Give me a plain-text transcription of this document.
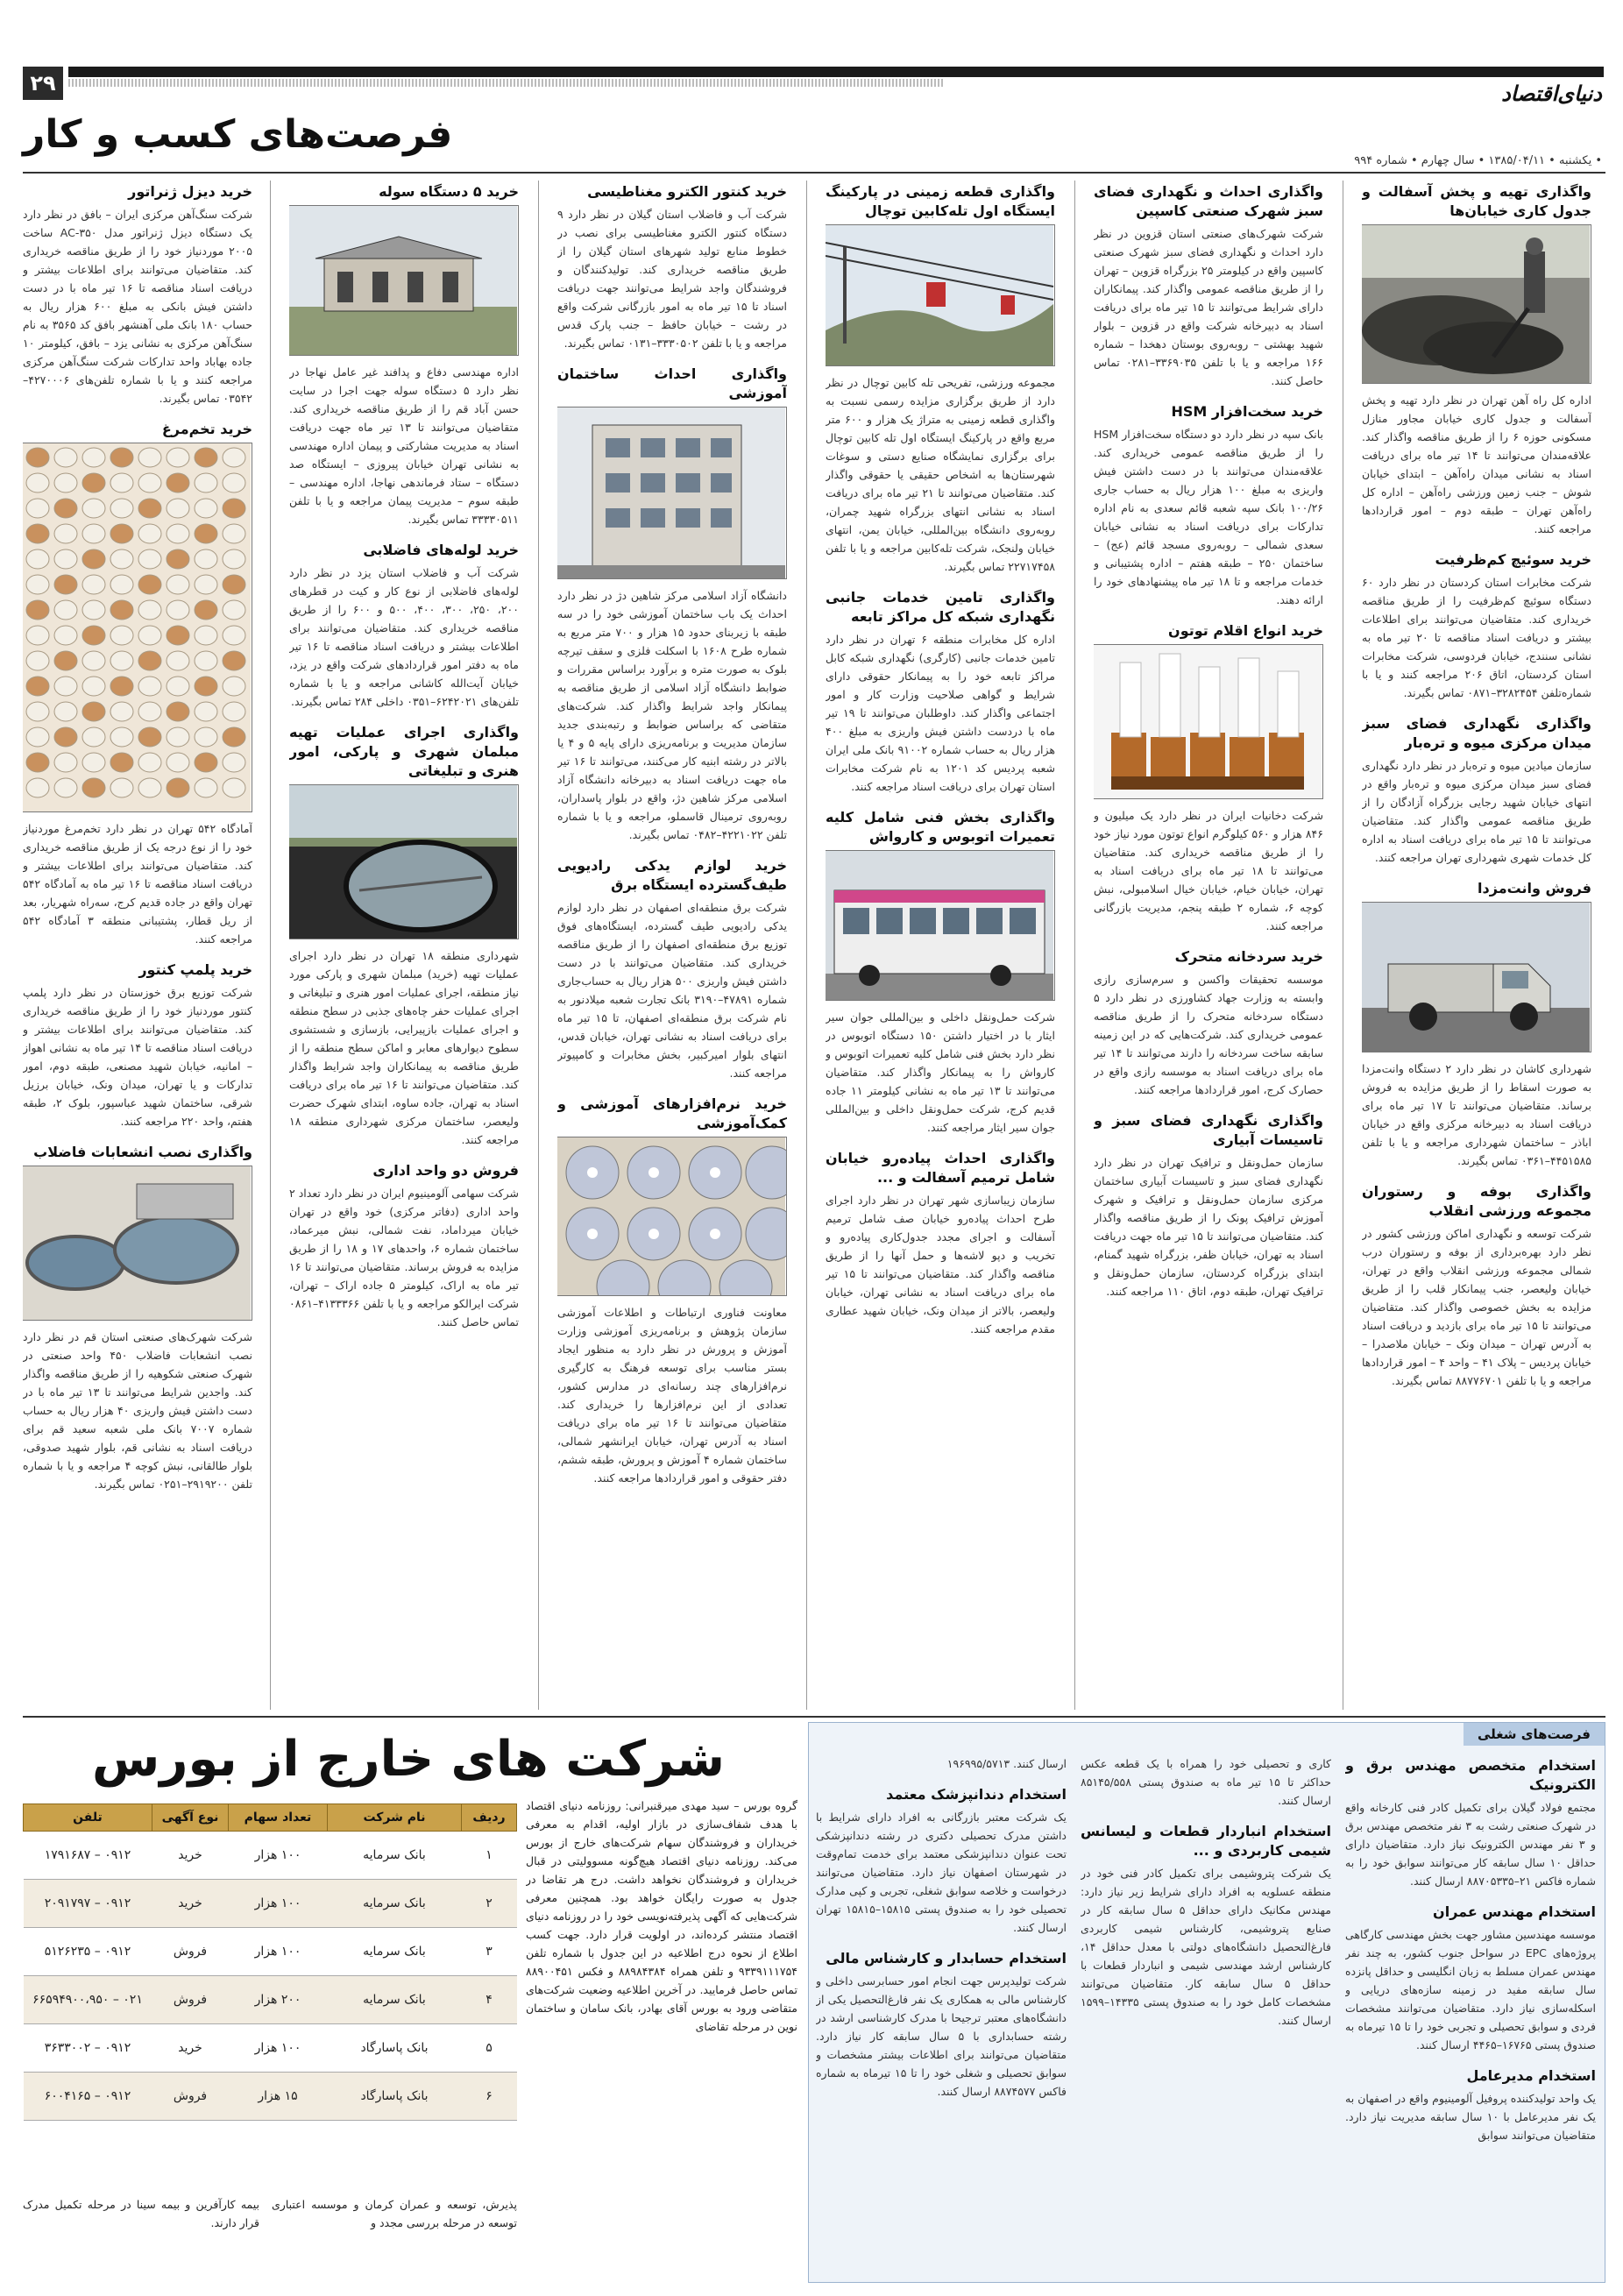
۲۹	دنیای‌اقتصاد
فرصت‌های کسب و کار
• یکشنبه • ۱۳۸۵/۰۴/۱۱ • سال چهارم • شماره ۹۹۴
واگذاری تهیه و پخش آسفالت و جدول کاری خیابان‌ها

اداره کل راه آهن تهران در نظر دارد تهیه و پخش آسفالت و جدول کاری خیابان مجاور منازل مسکونی حوزه ۶ را از طریق مناقصه واگذار کند. علاقه‌مندان می‌توانند تا ۱۴ تیر ماه برای دریافت اسناد به نشانی میدان راه‌آهن – ابتدای خیابان شوش – جنب زمین ورزشی راه‌آهن – اداره کل راه‌آهن تهران – طبقه دوم – امور قراردادها مراجعه کنند.

خرید سوئیچ کم‌ظرفیت

شرکت مخابرات استان کردستان در نظر دارد ۶۰ دستگاه سوئیچ کم‌ظرفیت را از طریق مناقصه خریداری کند. متقاضیان می‌توانند برای اطلاعات بیشتر و دریافت اسناد مناقصه تا ۲۰ تیر ماه به نشانی سنندج، خیابان فردوسی، شرکت مخابرات استان کردستان، اتاق ۲۰۶ مراجعه کنند و یا با شماره‌تلفن ۳۲۸۲۴۵۴–۰۸۷۱ تماس بگیرند.

واگذاری نگهداری فضای سبز میدان مرکزی میوه و تره‌بار

سازمان میادین میوه و تره‌بار در نظر دارد نگهداری فضای سبز میدان مرکزی میوه و تره‌بار واقع در انتهای خیابان شهید رجایی بزرگراه آزادگان را از طریق مناقصه عمومی واگذار کند. متقاضیان می‌توانند تا ۱۵ تیر ماه برای دریافت اسناد به اداره کل خدمات شهری شهرداری تهران مراجعه کنند.

فروش وانت‌مزدا

شهرداری کاشان در نظر دارد ۲ دستگاه وانت‌مزدا به صورت اسقاط را از طریق مزایده به فروش برساند. متقاضیان می‌توانند تا ۱۷ تیر ماه برای دریافت اسناد به دبیرخانه مرکزی واقع در خیابان اباذر – ساختمان شهرداری مراجعه و یا با تلفن ۴۴۵۱۵۸۵–۰۳۶۱ تماس بگیرند.

واگذاری بوفه و رستوران مجموعه ورزشی انقلاب

شرکت توسعه و نگهداری اماکن ورزشی کشور در نظر دارد بهره‌برداری از بوفه و رستوران درب شمالی مجموعه ورزشی انقلاب واقع در تهران، خیابان ولیعصر، جنب پیمانکار قلب را از طریق مزایده به بخش خصوصی واگذار کند. متقاضیان می‌توانند تا ۱۵ تیر ماه برای بازدید و دریافت اسناد به آدرس تهران – میدان ونک – خیابان ملاصدرا – خیابان پردیس – پلاک ۴۱ – واحد ۴ – امور قراردادها مراجعه و یا با تلفن ۸۸۷۷۶۷۰۱ تماس بگیرند.

واگذاری احداث و نگهداری فضای سبز شهرک صنعتی کاسپین

شرکت شهرک‌های صنعتی استان قزوین در نظر دارد احداث و نگهداری فضای سبز شهرک صنعتی کاسپین واقع در کیلومتر ۲۵ بزرگراه قزوین – تهران را از طریق مناقصه عمومی واگذار کند. پیمانکاران دارای شرایط می‌توانند تا ۱۵ تیر ماه برای دریافت اسناد به دبیرخانه شرکت واقع در قزوین – بلوار شهید بهشتی – روبه‌روی بوستان دهخدا – شماره ۱۶۶ مراجعه و یا با تلفن ۳۳۶۹۰۳۵–۰۲۸۱ تماس حاصل کنند.

خرید سخت‌افزار HSM

بانک سپه در نظر دارد دو دستگاه سخت‌افزار HSM را از طریق مناقصه عمومی خریداری کند. علاقه‌مندان می‌توانند با در دست داشتن فیش واریزی به مبلغ ۱۰۰ هزار ریال به حساب جاری ۱۰۰/۲۶ بانک سپه شعبه قائم سعدی به نام اداره تدارکات برای دریافت اسناد به نشانی خیابان سعدی شمالی – روبه‌روی مسجد قائم (عج) – ساختمان ۲۵۰ – طبقه هفتم – اداره پشتیبانی و خدمات مراجعه و تا ۱۸ تیر ماه پیشنهادهای خود را ارائه دهند.

خرید انواع اقلام توتون

شرکت دخانیات ایران در نظر دارد یک میلیون و ۸۴۶ هزار و ۵۶۰ کیلوگرم انواع توتون مورد نیاز خود را از طریق مناقصه خریداری کند. متقاضیان می‌توانند تا ۱۸ تیر ماه برای دریافت اسناد به تهران، خیابان خیام، خیابان خیال اسلامبولی، نبش کوچه ۶، شماره ۲ طبقه پنجم، مدیریت بازرگانی مراجعه کنند.

خرید سردخانه متحرک

موسسه تحقیقات واکسن و سرم‌سازی رازی وابسته به وزارت جهاد کشاورزی در نظر دارد ۵ دستگاه سردخانه متحرک را از طریق مناقصه عمومی خریداری کند. شرکت‌هایی که در این زمینه سابقه ساخت سردخانه را دارند می‌توانند تا ۱۴ تیر ماه برای دریافت اسناد به موسسه رازی واقع در حصارک کرج، امور قراردادها مراجعه کنند.

واگذاری نگهداری فضای سبز و تاسیسات آبیاری

سازمان حمل‌ونقل و ترافیک تهران در نظر دارد نگهداری فضای سبز و تاسیسات آبیاری ساختمان مرکزی سازمان حمل‌ونقل و ترافیک و شهرک آموزش ترافیک پونک را از طریق مناقصه واگذار کند. متقاضیان می‌توانند تا ۱۵ تیر ماه جهت دریافت اسناد به تهران، خیابان ظفر، بزرگراه شهید گمنام، ابتدای بزرگراه کردستان، سازمان حمل‌ونقل و ترافیک تهران، طبقه دوم، اتاق ۱۱۰ مراجعه کنند.

واگذاری قطعه زمینی در پارکینگ ایستگاه اول تله‌کابین توچال

مجموعه ورزشی، تفریحی تله کابین توچال در نظر دارد از طریق برگزاری مزایده رسمی نسبت به واگذاری قطعه زمینی به متراژ یک هزار و ۶۰۰ متر مربع واقع در پارکینگ ایستگاه اول تله کابین توچال برای برگزاری نمایشگاه صنایع دستی و سوغات شهرستان‌ها به اشخاص حقیقی یا حقوقی واگذار کند. متقاضیان می‌توانند تا ۲۱ تیر ماه برای دریافت اسناد به نشانی انتهای بزرگراه شهید چمران، روبه‌روی دانشگاه بین‌المللی، خیابان یمن، انتهای خیابان ولنجک، شرکت تله‌کابین مراجعه و یا با تلفن ۲۲۷۱۷۴۵۸ تماس بگیرند.

واگذاری تامین خدمات جانبی نگهداری شبکه کل مراکز تابعه

اداره کل مخابرات منطقه ۶ تهران در نظر دارد تامین خدمات جانبی (کارگری) نگهداری شبکه کابل مراکز تابعه خود را به پیمانکار حقوقی دارای شرایط و گواهی صلاحیت وزارت کار و امور اجتماعی واگذار کند. داوطلبان می‌توانند تا ۱۹ تیر ماه با دردست داشتن فیش واریزی به مبلغ ۴۰۰ هزار ریال به حساب شماره ۹۱۰۰۲ بانک ملی ایران شعبه پردیس کد ۱۲۰۱ به نام شرکت مخابرات استان تهران برای دریافت اسناد مراجعه کنند.

واگذاری بخش فنی شامل کلیه تعمیرات اتوبوس و کارواش

شرکت حمل‌ونقل داخلی و بین‌المللی جوان سیر ایثار با در اختیار داشتن ۱۵۰ دستگاه اتوبوس در نظر دارد بخش فنی شامل کلیه تعمیرات اتوبوس و کارواش را به پیمانکار واگذار کند. متقاضیان می‌توانند تا ۱۳ تیر ماه به نشانی کیلومتر ۱۱ جاده قدیم کرج، شرکت حمل‌ونقل داخلی و بین‌المللی جوان سیر ایثار مراجعه کنند.

واگذاری احداث پیاده‌رو خیابان شامل ترمیم آسفالت و ...

سازمان زیباسازی شهر تهران در نظر دارد اجرای طرح احداث پیاده‌رو خیابان صف شامل ترمیم آسفالت و اجرای مجدد جدول‌کاری پیاده‌رو و تخریب و دپو لاشه‌ها و حمل آنها را از طریق مناقصه واگذار کند. متقاضیان می‌توانند تا ۱۵ تیر ماه برای دریافت اسناد به نشانی تهران، خیابان ولیعصر، بالاتر از میدان ونک، خیابان شهید عطاری مقدم مراجعه کنند.

خرید کنتور الکترو مغناطیسی

شرکت آب و فاضلاب استان گیلان در نظر دارد ۹ دستگاه کنتور الکترو مغناطیسی برای نصب در خطوط منابع تولید شهرهای استان گیلان را از طریق مناقصه خریداری کند. تولیدکنندگان و فروشندگان واجد شرایط می‌توانند جهت دریافت اسناد تا ۱۵ تیر ماه به امور بازرگانی شرکت واقع در رشت – خیابان حافظ – جنب پارک قدس مراجعه و یا با تلفن ۳۳۳۰۵۰۲–۰۱۳۱ تماس بگیرند.

واگذاری احداث ساختمان آموزشی

دانشگاه آزاد اسلامی مرکز شاهین دژ در نظر دارد احداث یک باب ساختمان آموزشی خود را در سه طبقه با زیربنای حدود ۱۵ هزار و ۷۰۰ متر مربع به شماره طرح ۱۶۰۸ با اسکلت فلزی و سقف تیرچه بلوک به صورت متره و برآورد براساس مقررات و ضوابط دانشگاه آزاد اسلامی از طریق مناقصه به پیمانکار واجد شرایط واگذار کند. شرکت‌های متقاضی که براساس ضوابط و رتبه‌بندی جدید سازمان مدیریت و برنامه‌ریزی دارای پایه ۵ و ۴ یا بالاتر در رشته ابنیه کار می‌کنند، می‌توانند تا ۱۶ تیر ماه جهت دریافت اسناد به دبیرخانه دانشگاه آزاد اسلامی مرکز شاهین دژ، واقع در بلوار پاسداران، روبه‌روی ترمینال قاسملو، مراجعه و یا با شماره تلفن ۴۲۲۱۰۲۲–۰۴۸۲ تماس بگیرند.

خرید لوازم یدکی رادیویی طیف‌گسترده ایستگاه برق

شرکت برق منطقه‌ای اصفهان در نظر دارد لوازم یدکی رادیویی طیف گسترده، ایستگاه‌های فوق توزیع برق منطقه‌ای اصفهان را از طریق مناقصه خریداری کند. متقاضیان می‌توانند با در دست داشتن فیش واریزی ۵۰۰ هزار ریال به حساب‌جاری شماره ۴۷۸۹۱–۳۱۹۰ بانک تجارت شعبه میلادنور به نام شرکت برق منطقه‌ای اصفهان، تا ۱۵ تیر ماه برای دریافت اسناد به نشانی تهران، خیابان قدس، انتهای بلوار امیرکبیر، بخش مخابرات و کامپیوتر مراجعه کنند.

خرید نرم‌افزارهای آموزشی و کمک‌آموزشی

معاونت فناوری ارتباطات و اطلاعات آموزشی سازمان پژوهش و برنامه‌ریزی آموزشی وزارت آموزش و پرورش در نظر دارد به منظور ایجاد بستر مناسب برای توسعه فرهنگ به کارگیری نرم‌افزارهای چند رسانه‌ای در مدارس کشور، تعدادی از این نرم‌افزارها را خریداری کند. متقاضیان می‌توانند تا ۱۶ تیر ماه برای دریافت اسناد به آدرس تهران، خیابان ایرانشهر شمالی، ساختمان شماره ۴ آموزش و پرورش، طبقه ششم، دفتر حقوقی و امور قراردادها مراجعه کنند.

خرید ۵ دستگاه سوله

اداره مهندسی دفاع و پدافند غیر عامل نهاجا در نظر دارد ۵ دستگاه سوله جهت اجرا در سایت حسن آباد قم را از طریق مناقصه خریداری کند. متقاضیان می‌توانند تا ۱۳ تیر ماه جهت دریافت اسناد به مدیریت مشارکتی و پیمان اداره مهندسی به نشانی تهران خیابان پیروزی – ایستگاه صد دستگاه – ستاد فرماندهی نهاجا، اداره مهندسی – طبقه سوم – مدیریت پیمان مراجعه و یا با تلفن ۳۳۳۳۰۵۱۱ تماس بگیرند.

خرید لوله‌های فاضلابی

شرکت آب و فاضلاب استان یزد در نظر دارد لوله‌های فاضلابی از نوع کار و کیت در قطرهای ۲۰۰، ۲۵۰، ۳۰۰، ۴۰۰، ۵۰۰ و ۶۰۰ را از طریق مناقصه خریداری کند. متقاضیان می‌توانند برای اطلاعات بیشتر و دریافت اسناد مناقصه تا ۱۶ تیر ماه به دفتر امور قراردادهای شرکت واقع در یزد، خیابان آیت‌الله کاشانی مراجعه و یا با شماره تلفن‌های ۶۲۴۲۰۲۱–۰۳۵۱ داخلی ۲۸۴ تماس بگیرند.

واگذاری اجرای عملیات تهیه مبلمان شهری و پارکی، امور هنری و تبلیغاتی

شهرداری منطقه ۱۸ تهران در نظر دارد اجرای عملیات تهیه (خرید) مبلمان شهری و پارکی مورد نیاز منطقه، اجرای عملیات امور هنری و تبلیغاتی و اجرای عملیات حفر چاه‌های جذبی در سطح منطقه و اجرای عملیات بازپیرایی، بازسازی و شستشوی سطوح دیوارهای معابر و اماکن سطح منطقه را از طریق مناقصه به پیمانکاران واجد شرایط واگذار کند. متقاضیان می‌توانند تا ۱۶ تیر ماه برای دریافت اسناد به تهران، جاده ساوه، ابتدای شهرک حضرت ولیعصر، ساختمان مرکزی شهرداری منطقه ۱۸ مراجعه کنند.

فروش دو واحد اداری

شرکت سهامی آلومینیوم ایران در نظر دارد تعداد ۲ واحد اداری (دفاتر مرکزی) خود واقع در تهران خیابان میرداماد، نفت شمالی، نبش میرعماد، ساختمان شماره ۶، واحدهای ۱۷ و ۱۸ را از طریق مزایده به فروش برساند. متقاضیان می‌توانند تا ۱۶ تیر ماه به اراک، کیلومتر ۵ جاده اراک – تهران، شرکت ایرالکو مراجعه و یا با تلفن ۴۱۳۳۳۶۶–۰۸۶۱ تماس حاصل کنند.

خرید دیزل ژنراتور

شرکت سنگ‌آهن مرکزی ایران – بافق در نظر دارد یک دستگاه دیزل ژنراتور مدل AC-۳۵۰ ساخت ۲۰۰۵ موردنیاز خود را از طریق مناقصه خریداری کند. متقاضیان می‌توانند برای اطلاعات بیشتر و دریافت اسناد مناقصه تا ۱۶ تیر ماه با در دست داشتن فیش بانکی به مبلغ ۶۰۰ هزار ریال به حساب ۱۸۰ بانک ملی آهنشهر بافق کد ۳۵۶۵ به نام سنگ‌آهن مرکزی به نشانی یزد – بافق، کیلومتر ۱۰ جاده بهاباد واحد تدارکات شرکت سنگ‌آهن مرکزی مراجعه کنند و یا با شماره تلفن‌های ۴۲۷۰۰۰۶–۰۳۵۴۲ تماس بگیرند.

خرید تخم‌مرغ

آمادگاه ۵۴۲ تهران در نظر دارد تخم‌مرغ موردنیاز خود را از نوع درجه یک از طریق مناقصه خریداری کند. متقاضیان می‌توانند برای اطلاعات بیشتر و دریافت اسناد مناقصه تا ۱۶ تیر ماه به آمادگاه ۵۴۲ تهران واقع در جاده قدیم کرج، سه‌راه شهریار، بعد از ریل قطار، پشتیبانی منطقه ۳ آمادگاه ۵۴۲ مراجعه کنند.

خرید پلمپ کنتور

شرکت توزیع برق خوزستان در نظر دارد پلمپ کنتور موردنیاز خود را از طریق مناقصه خریداری کند. متقاضیان می‌توانند برای اطلاعات بیشتر و دریافت اسناد مناقصه تا ۱۴ تیر ماه به نشانی اهواز – امانیه، خیابان شهید مصنعی، طبقه دوم، امور تدارکات و یا تهران، میدان ونک، خیابان برزیل شرقی، ساختمان شهید عباسپور، بلوک ۲، طبقه هفتم، واحد ۲۲۰ مراجعه کنند.

واگذاری نصب انشعابات فاضلاب

شرکت شهرک‌های صنعتی استان قم در نظر دارد نصب انشعابات فاضلاب ۴۵۰ واحد صنعتی در شهرک صنعتی شکوهیه را از طریق مناقصه واگذار کند. واجدین شرایط می‌توانند تا ۱۳ تیر ماه با در دست داشتن فیش واریزی ۴۰ هزار ریال به حساب شماره ۷۰۰۷ بانک ملی شعبه سعید قم برای دریافت اسناد به نشانی قم، بلوار شهید صدوقی، بلوار طالقانی، نبش کوچه ۴ مراجعه و یا با شماره تلفن ۲۹۱۹۲۰۰–۰۲۵۱ تماس بگیرند.

شرکت های خارج از بورس
گروه بورس – سید مهدی میرقنبرانی: روزنامه دنیای اقتصاد با هدف شفاف‌سازی در بازار اولیه، اقدام به معرفی خریداران و فروشندگان سهام شرکت‌های خارج از بورس می‌کند. روزنامه دنیای اقتصاد هیچ‌گونه مسوولیتی در قبال خریداران و فروشندگان نخواهد داشت. درج هر تقاضا در جدول به صورت رایگان خواهد بود. همچنین معرفی شرکت‌هایی که آگهی پذیرفته‌نویسی خود را در روزنامه دنیای اقتصاد منتشر کرده‌اند، در اولویت قرار دارد. جهت کسب اطلاع از نحوه درج اطلاعیه در این جدول با شماره تلفن ۹۳۳۹۱۱۱۷۵۴ و تلفن همراه ۸۸۹۸۴۳۸۴ و فکس ۸۸۹۰۰۴۵۱ تماس حاصل فرمایید. در آخرین اطلاعیه وضعیت شرکت‌های متقاضی ورود به بورس آقای بهادر، بانک سامان و ساختمان نوین در مرحله تقاضای
ردیف	نام شرکت	تعداد سهام	نوع آگهی	تلفن
۱	بانک سرمایه	۱۰۰ هزار	خرید	۰۹۱۲ – ۱۷۹۱۶۸۷
۲	بانک سرمایه	۱۰۰ هزار	خرید	۰۹۱۲ – ۲۰۹۱۷۹۷
۳	بانک سرمایه	۱۰۰ هزار	فروش	۰۹۱۲ – ۵۱۲۶۲۳۵
۴	بانک سرمایه	۲۰۰ هزار	فروش	۰۲۱ – ۶۶۵۹۴۹۰۰،۹۵۰
۵	بانک پاسارگاد	۱۰۰ هزار	خرید	۰۹۱۲ – ۳۶۳۳۰۰۲
۶	بانک پاسارگاد	۱۵ هزار	فروش	۰۹۱۲ – ۶۰۰۴۱۶۵
پذیرش، توسعه و عمران کرمان و موسسه اعتباری توسعه در مرحله بررسی مجدد و
بیمه کارآفرین و بیمه سینا در مرحله تکمیل مدرک قرار دارند.
فرصت‌های شغلی
استخدام متخصص مهندس برق و الکترونیک

مجتمع فولاد گیلان برای تکمیل کادر فنی کارخانه واقع در شهرک صنعتی رشت به ۳ نفر متخصص مهندس برق و ۳ نفر مهندس الکترونیک نیاز دارد. متقاضیان دارای حداقل ۱۰ سال سابقه کار می‌توانند سوابق خود را به شماره فاکس ۲۱–۸۸۷۰۵۳۳۵ ارسال کنند.

استخدام مهندس عمران

موسسه مهندسین مشاور جهت بخش مهندسی کارگاهی پروژه‌های EPC در سواحل جنوب کشور، به چند نفر مهندس عمران مسلط به زبان انگلیسی و حداقل پانزده سال سابقه مفید در زمینه سازه‌های دریایی و اسکله‌سازی نیاز دارد. متقاضیان می‌توانند مشخصات فردی و سوابق تحصیلی و تجربی خود را تا ۱۵ تیرماه به صندوق پستی ۱۶۷۶۵–۴۴۶۵ ارسال کنند.

استخدام مدیرعامل

یک واحد تولیدکننده پروفیل آلومینیوم واقع در اصفهان به یک نفر مدیرعامل با ۱۰ سال سابقه مدیریت نیاز دارد. متقاضیان می‌توانند سوابق

کاری و تحصیلی خود را همراه با یک قطعه عکس حداکثر تا ۱۵ تیر ماه به صندوق پستی ۸۵۱۴۵/۵۵۸ ارسال کنند.

استخدام انباردار قطعات و لیسانس شیمی کاربردی و ...

یک شرکت پتروشیمی برای تکمیل کادر فنی خود در منطقه عسلویه به افراد دارای شرایط زیر نیاز دارد: مهندس مکانیک دارای حداقل ۵ سال سابقه کار در صنایع پتروشیمی، کارشناس شیمی کاربردی فارغ‌التحصیل دانشگاه‌های دولتی با معدل حداقل ۱۴، کارشناس ارشد مهندسی شیمی و انباردار قطعات با حداقل ۵ سال سابقه کار. متقاضیان می‌توانند مشخصات کامل خود را به صندوق پستی ۱۴۳۳۵–۱۵۹۹ ارسال کنند.

ارسال کنند. ۱۹۶۹۹۵/۵۷۱۳

استخدام دندانپزشک معتمد

یک شرکت معتبر بازرگانی به افراد دارای شرایط با داشتن مدرک تحصیلی دکتری در رشته دندانپزشکی تحت عنوان دندانپزشکی معتمد برای خدمت تمام‌وقت در شهرستان اصفهان نیاز دارد. متقاضیان می‌توانند درخواست و خلاصه سوابق شغلی، تجربی و کپی مدارک تحصیلی خود را به صندوق پستی ۱۵۸۱۵–۱۵۸۱۵ تهران ارسال کنند.

استخدام حسابدار و کارشناس مالی

شرکت تولیدپرس جهت انجام امور حسابرسی داخلی و کارشناس مالی به همکاری یک نفر فارغ‌التحصیل یکی از دانشگاه‌های معتبر ترجیحا با مدرک کارشناسی ارشد در رشته حسابداری با ۵ سال سابقه کار نیاز دارد. متقاضیان می‌توانند برای اطلاعات بیشتر مشخصات و سوابق تحصیلی و شغلی خود را تا ۱۵ تیرماه به شماره فاکس ۸۸۷۴۵۷۷ ارسال کنند.
